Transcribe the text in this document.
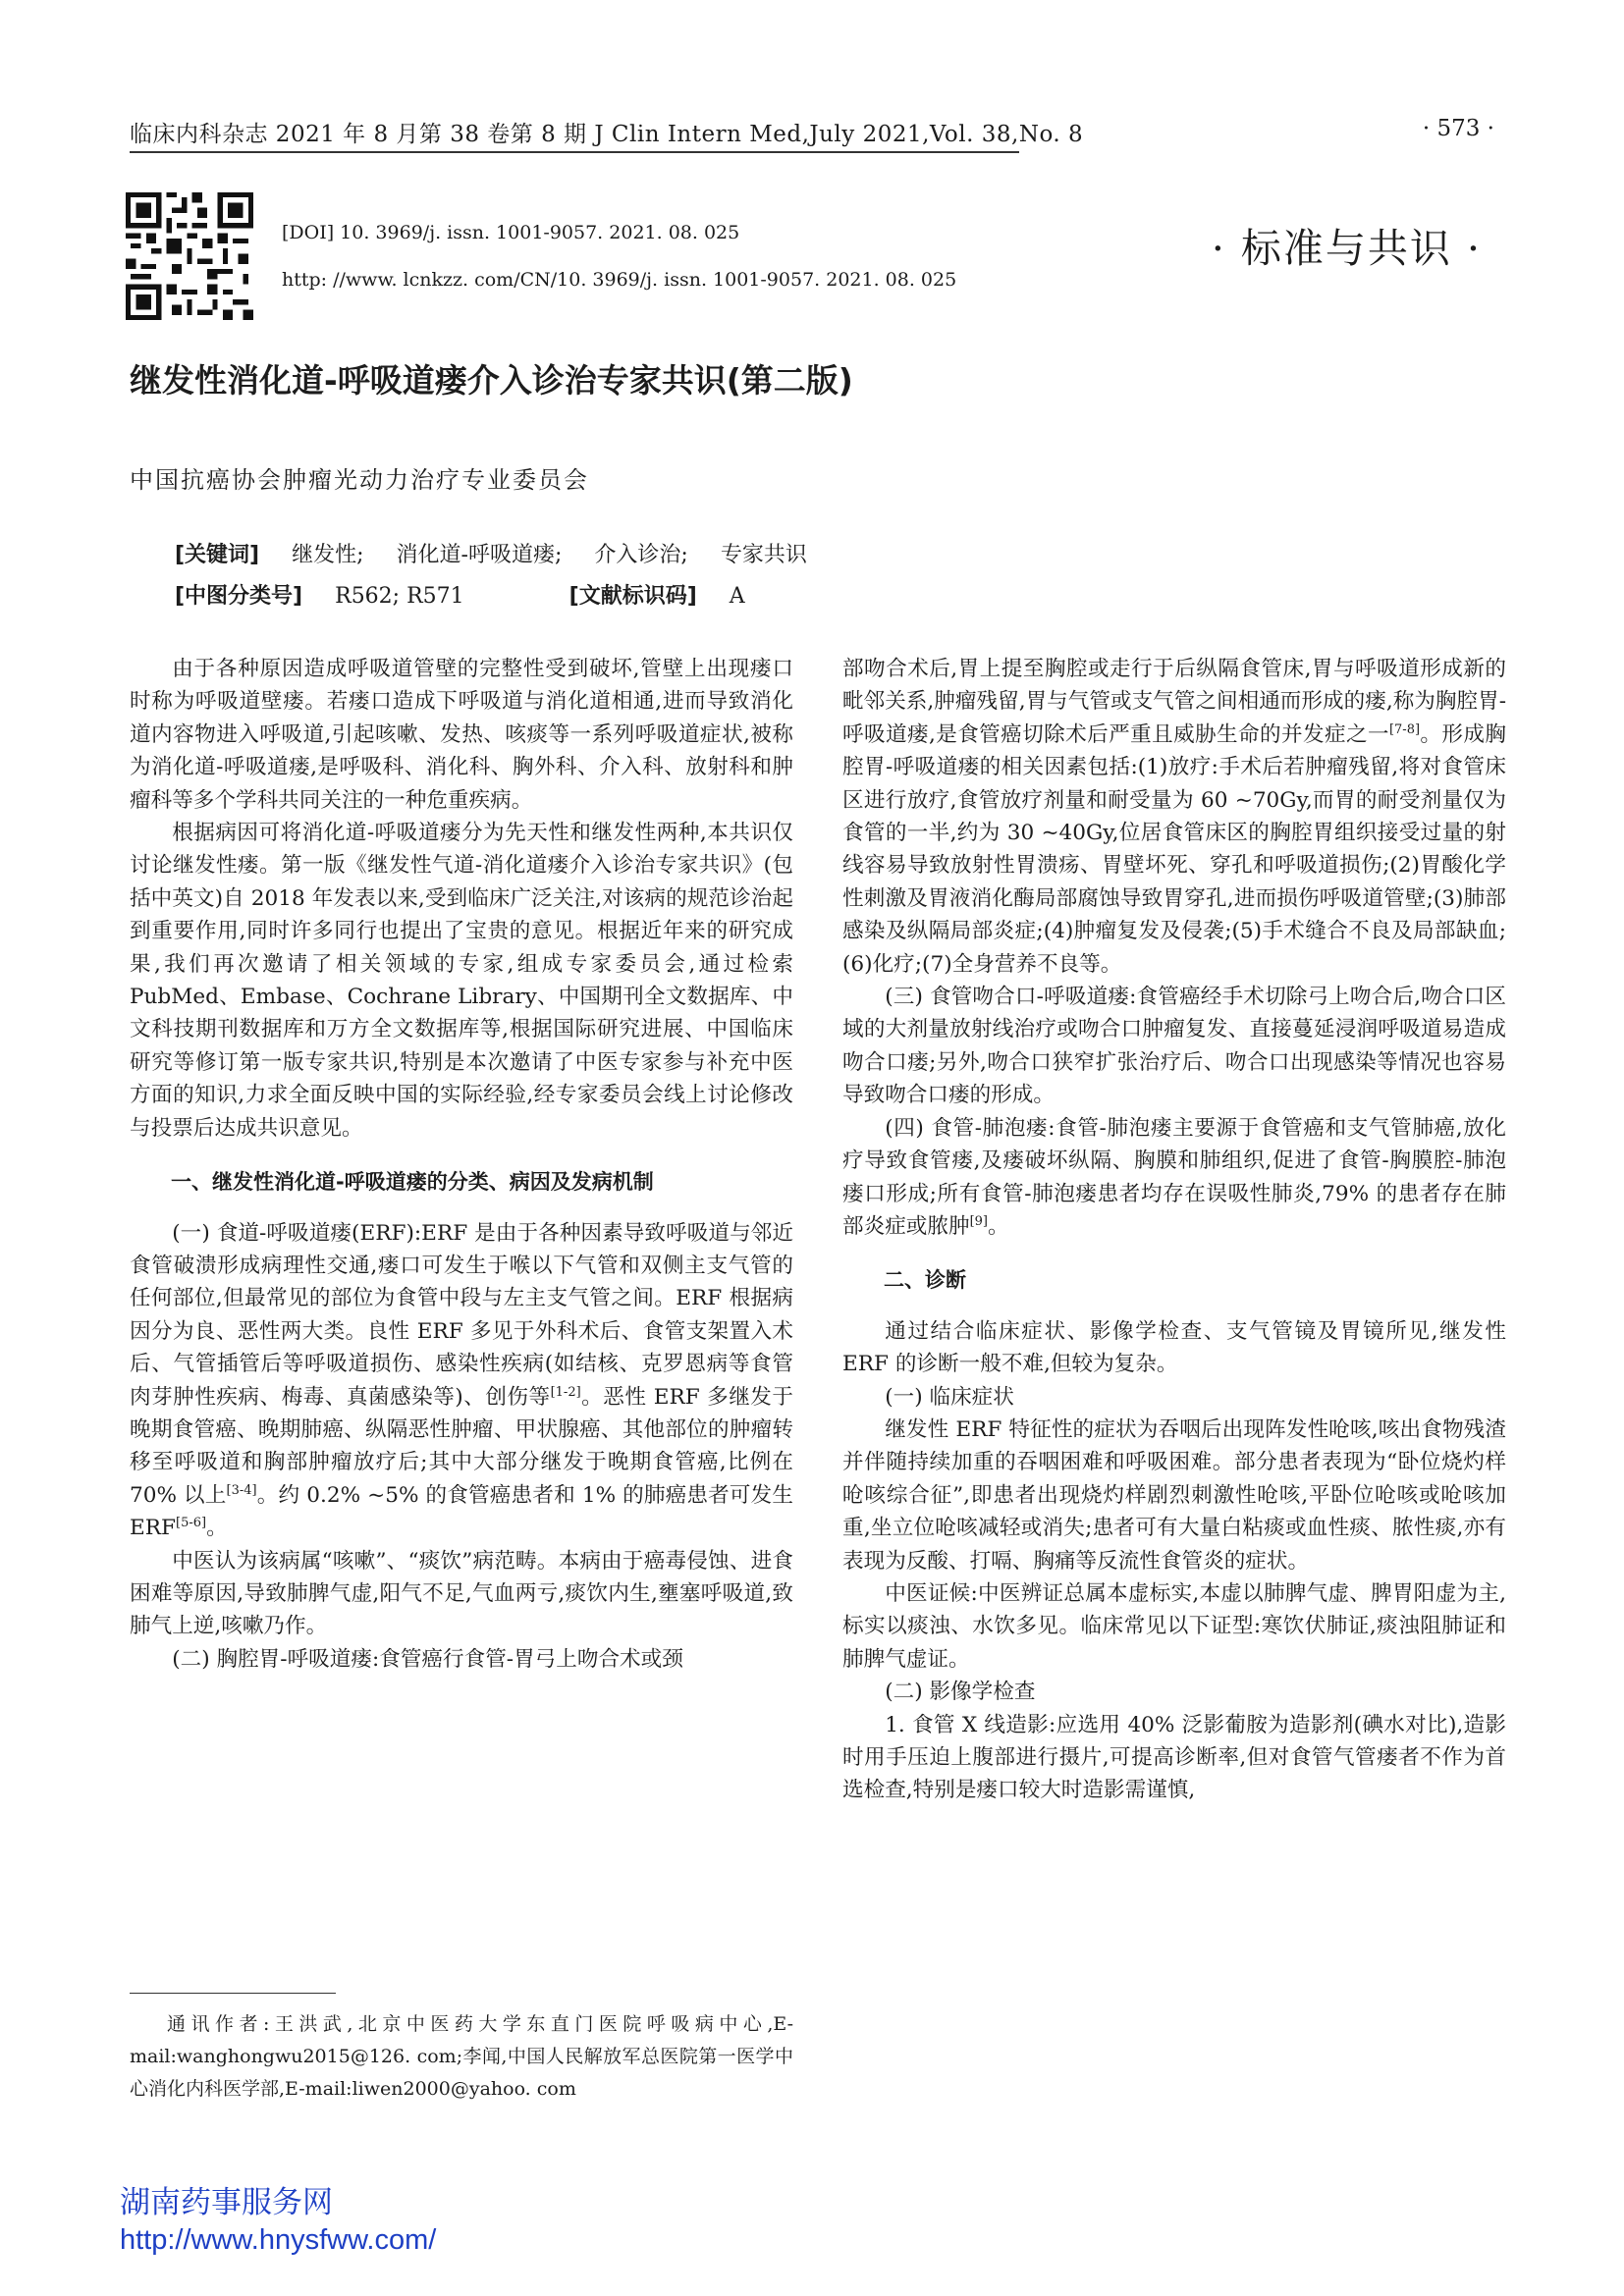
临床内科杂志 2021 年 8 月第 38 卷第 8 期 J Clin Intern Med,July 2021,Vol. 38,No. 8	· 573 ·
[DOI] 10. 3969/j. issn. 1001-9057. 2021. 08. 025
http: //www. lcnkzz. com/CN/10. 3969/j. issn. 1001-9057. 2021. 08. 025
· 标准与共识 ·
继发性消化道-呼吸道瘘介入诊治专家共识(第二版)
中国抗癌协会肿瘤光动力治疗专业委员会
[关键词] 继发性; 消化道-呼吸道瘘; 介入诊治; 专家共识
[中图分类号] R562; R571	[文献标识码] A

由于各种原因造成呼吸道管壁的完整性受到破坏,管壁上出现瘘口时称为呼吸道壁瘘。若瘘口造成下呼吸道与消化道相通,进而导致消化道内容物进入呼吸道,引起咳嗽、发热、咳痰等一系列呼吸道症状,被称为消化道-呼吸道瘘,是呼吸科、消化科、胸外科、介入科、放射科和肿瘤科等多个学科共同关注的一种危重疾病。

根据病因可将消化道-呼吸道瘘分为先天性和继发性两种,本共识仅讨论继发性瘘。第一版《继发性气道-消化道瘘介入诊治专家共识》(包括中英文)自 2018 年发表以来,受到临床广泛关注,对该病的规范诊治起到重要作用,同时许多同行也提出了宝贵的意见。根据近年来的研究成果,我们再次邀请了相关领域的专家,组成专家委员会,通过检索 PubMed、Embase、Cochrane Library、中国期刊全文数据库、中文科技期刊数据库和万方全文数据库等,根据国际研究进展、中国临床研究等修订第一版专家共识,特别是本次邀请了中医专家参与补充中医方面的知识,力求全面反映中国的实际经验,经专家委员会线上讨论修改与投票后达成共识意见。

一、继发性消化道-呼吸道瘘的分类、病因及发病机制

(一) 食道-呼吸道瘘(ERF):ERF 是由于各种因素导致呼吸道与邻近食管破溃形成病理性交通,瘘口可发生于喉以下气管和双侧主支气管的任何部位,但最常见的部位为食管中段与左主支气管之间。ERF 根据病因分为良、恶性两大类。良性 ERF 多见于外科术后、食管支架置入术后、气管插管后等呼吸道损伤、感染性疾病(如结核、克罗恩病等食管肉芽肿性疾病、梅毒、真菌感染等)、创伤等[1-2]。恶性 ERF 多继发于晚期食管癌、晚期肺癌、纵隔恶性肿瘤、甲状腺癌、其他部位的肿瘤转移至呼吸道和胸部肿瘤放疗后;其中大部分继发于晚期食管癌,比例在 70% 以上[3-4]。约 0.2% ~5% 的食管癌患者和 1% 的肺癌患者可发生 ERF[5-6]。

中医认为该病属“咳嗽”、“痰饮”病范畴。本病由于癌毒侵蚀、进食困难等原因,导致肺脾气虚,阳气不足,气血两亏,痰饮内生,壅塞呼吸道,致肺气上逆,咳嗽乃作。

(二) 胸腔胃-呼吸道瘘:食管癌行食管-胃弓上吻合术或颈

通讯作者:王洪武,北京中医药大学东直门医院呼吸病中心,E-mail:wanghongwu2015@126. com;李闻,中国人民解放军总医院第一医学中心消化内科医学部,E-mail:liwen2000@yahoo. com

部吻合术后,胃上提至胸腔或走行于后纵隔食管床,胃与呼吸道形成新的毗邻关系,肿瘤残留,胃与气管或支气管之间相通而形成的瘘,称为胸腔胃-呼吸道瘘,是食管癌切除术后严重且威胁生命的并发症之一[7-8]。形成胸腔胃-呼吸道瘘的相关因素包括:(1)放疗:手术后若肿瘤残留,将对食管床区进行放疗,食管放疗剂量和耐受量为 60 ~70Gy,而胃的耐受剂量仅为食管的一半,约为 30 ~40Gy,位居食管床区的胸腔胃组织接受过量的射线容易导致放射性胃溃疡、胃壁坏死、穿孔和呼吸道损伤;(2)胃酸化学性刺激及胃液消化酶局部腐蚀导致胃穿孔,进而损伤呼吸道管壁;(3)肺部感染及纵隔局部炎症;(4)肿瘤复发及侵袭;(5)手术缝合不良及局部缺血;(6)化疗;(7)全身营养不良等。

(三) 食管吻合口-呼吸道瘘:食管癌经手术切除弓上吻合后,吻合口区域的大剂量放射线治疗或吻合口肿瘤复发、直接蔓延浸润呼吸道易造成吻合口瘘;另外,吻合口狭窄扩张治疗后、吻合口出现感染等情况也容易导致吻合口瘘的形成。

(四) 食管-肺泡瘘:食管-肺泡瘘主要源于食管癌和支气管肺癌,放化疗导致食管瘘,及瘘破坏纵隔、胸膜和肺组织,促进了食管-胸膜腔-肺泡瘘口形成;所有食管-肺泡瘘患者均存在误吸性肺炎,79% 的患者存在肺部炎症或脓肿[9]。

二、诊断

通过结合临床症状、影像学检查、支气管镜及胃镜所见,继发性 ERF 的诊断一般不难,但较为复杂。

(一) 临床症状

继发性 ERF 特征性的症状为吞咽后出现阵发性呛咳,咳出食物残渣并伴随持续加重的吞咽困难和呼吸困难。部分患者表现为“卧位烧灼样呛咳综合征”,即患者出现烧灼样剧烈刺激性呛咳,平卧位呛咳或呛咳加重,坐立位呛咳减轻或消失;患者可有大量白粘痰或血性痰、脓性痰,亦有表现为反酸、打嗝、胸痛等反流性食管炎的症状。

中医证候:中医辨证总属本虚标实,本虚以肺脾气虚、脾胃阳虚为主,标实以痰浊、水饮多见。临床常见以下证型:寒饮伏肺证,痰浊阻肺证和肺脾气虚证。

(二) 影像学检查

1. 食管 X 线造影:应选用 40% 泛影葡胺为造影剂(碘水对比),造影时用手压迫上腹部进行摄片,可提高诊断率,但对食管气管瘘者不作为首选检查,特别是瘘口较大时造影需谨慎,

湖南药事服务网
http://www.hnysfww.com/
